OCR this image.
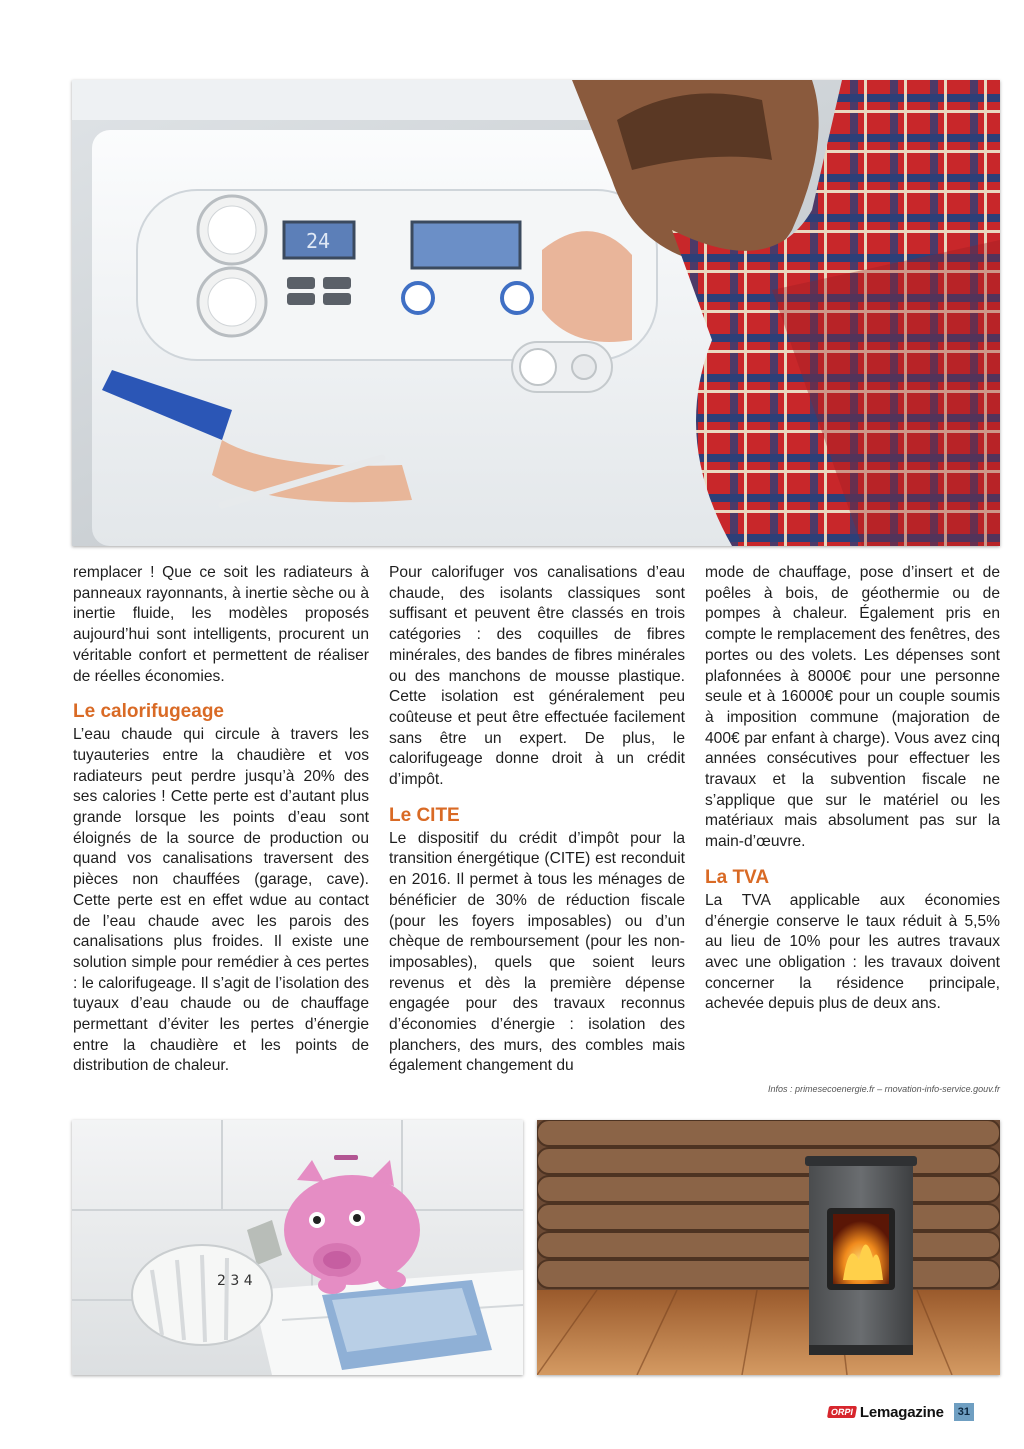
24

remplacer ! Que ce soit les radiateurs à panneaux rayonnants, à inertie sèche ou à inertie fluide, les modèles proposés aujourd’hui sont intelligents, procurent un véritable confort et permettent de réaliser de réelles économies.

Le calorifugeage

L’eau chaude qui circule à travers les tuyauteries entre la chaudière et vos radiateurs peut perdre jusqu’à 20% des ses calories ! Cette perte est d’autant plus grande lorsque les points d’eau sont éloignés de la source de production ou quand vos canalisations traversent des pièces non chauffées (garage, cave). Cette perte est en effet wdue au contact de l’eau chaude avec les parois des canalisations plus froides. Il existe une solution simple pour remédier à ces pertes : le calorifugeage. Il s’agit de l’isolation des tuyaux d’eau chaude ou de chauffage permettant d’éviter les pertes d’énergie entre la chaudière et les points de distribution de chaleur.

Pour calorifuger vos canalisations d’eau chaude, des isolants classiques sont suffisant et peuvent être classés en trois catégories : des coquilles de fibres minérales, des bandes de fibres minérales ou des manchons de mousse plastique. Cette isolation est généralement peu coûteuse et peut être effectuée facilement sans être un expert. De plus, le calorifugeage donne droit à un crédit d’impôt.

Le CITE

Le dispositif du crédit d’impôt pour la transition énergétique (CITE) est reconduit en 2016. Il permet à tous les ménages de bénéficier de 30% de réduction fiscale (pour les foyers imposables) ou d’un chèque de remboursement (pour les non-imposables), quels que soient leurs revenus et dès la première dépense engagée pour des travaux reconnus d’économies d’énergie : isolation des planchers, des murs, des combles mais également changement du

mode de chauffage, pose d’insert et de poêles à bois, de géothermie ou de pompes à chaleur. Également pris en compte le remplacement des fenêtres, des portes ou des volets. Les dépenses sont plafonnées à 8000€ pour une personne seule et à 16000€ pour un couple soumis à imposition commune (majoration de 400€ par enfant à charge). Vous avez cinq années consécutives pour effectuer les travaux et la subvention fiscale ne s’applique que sur le matériel ou les matériaux mais absolument pas sur la main-d’œuvre.

La TVA

La TVA applicable aux économies d’énergie conserve le taux réduit à 5,5% au lieu de 10% pour les autres travaux avec une obligation : les travaux doivent concerner la résidence principale, achevée depuis plus de deux ans.

Infos : primesecoenergie.fr – rnovation-info-service.gouv.fr
2 3 4
ORPI Lemagazine	31
